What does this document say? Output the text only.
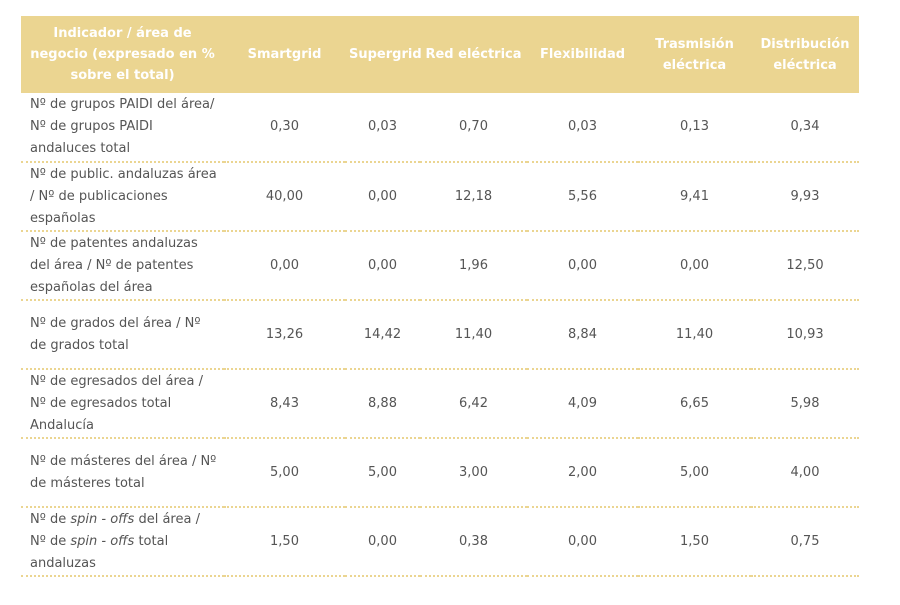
Indicador / área de negocio (expresado en % sobre el total)	Smartgrid	Supergrid	Red eléctrica	Flexibilidad	Trasmisión eléctrica	Distribución eléctrica
Nº de grupos PAIDI del área/ Nº de grupos PAIDI andaluces total	0,30	0,03	0,70	0,03	0,13	0,34
Nº de public. andaluzas área / Nº de publicaciones españolas	40,00	0,00	12,18	5,56	9,41	9,93
Nº de patentes andaluzas del área / Nº de patentes españolas del área	0,00	0,00	1,96	0,00	0,00	12,50
Nº de grados del área / Nº de grados total	13,26	14,42	11,40	8,84	11,40	10,93
Nº de egresados del área / Nº de egresados total Andalucía	8,43	8,88	6,42	4,09	6,65	5,98
Nº de másteres del área / Nº de másteres total	5,00	5,00	3,00	2,00	5,00	4,00
Nº de spin - offs del área / Nº de spin - offs total andaluzas	1,50	0,00	0,38	0,00	1,50	0,75
